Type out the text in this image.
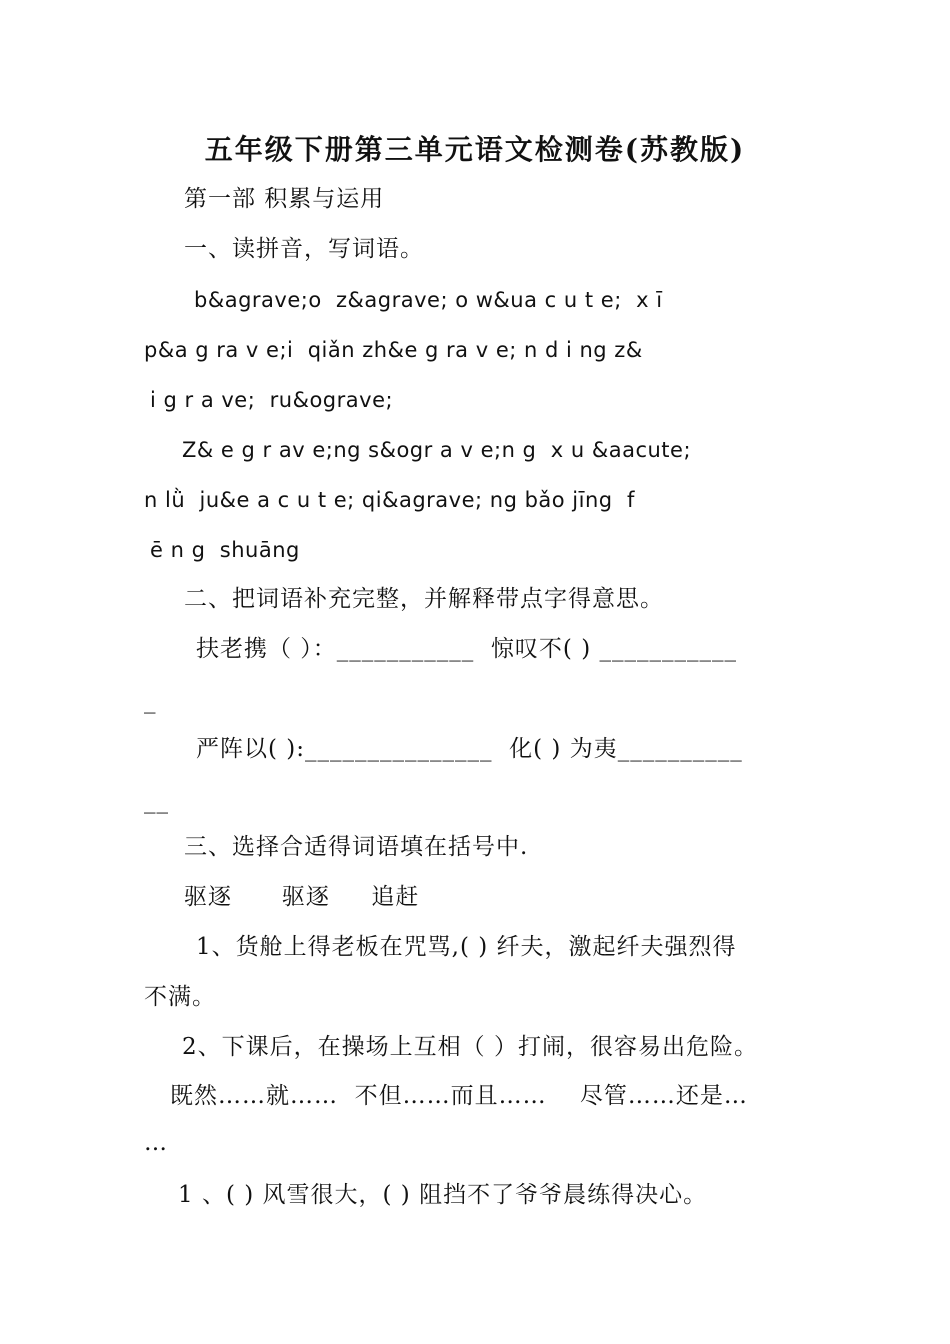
五年级下册第三单元语文检测卷(苏教版)
第一部 积累与运用
一、读拼音，写词语。
b&agrave;o  z&agrave; o w&ua c u t e;  x ī
p&a g ra v e;i  qiǎn zh&e g ra v e; n d i ng z&
i g r a ve;  ru&ograve;
Z& e g r av e;ng s&ogr a v e;n g  x u &aacute;
n lǜ  ju&e a c u t e; qi&agrave; ng bǎo jīng  f
ē n g  shuāng
二、把词语补充完整，并解释带点字得意思。
扶老携（ ）：___________  惊叹不( ) ___________
_
严阵以( ):_______________  化( ) 为夷__________
__
三、选择合适得词语填在括号中.
驱逐      驱逐     追赶
1、货舱上得老板在咒骂,( ) 纤夫，激起纤夫强烈得
不满。
2、下课后，在操场上互相（ ）打闹，很容易出危险。
既然……就……  不但……而且……    尽管……还是…
…
1 、( ) 风雪很大，( ) 阻挡不了爷爷晨练得决心。
